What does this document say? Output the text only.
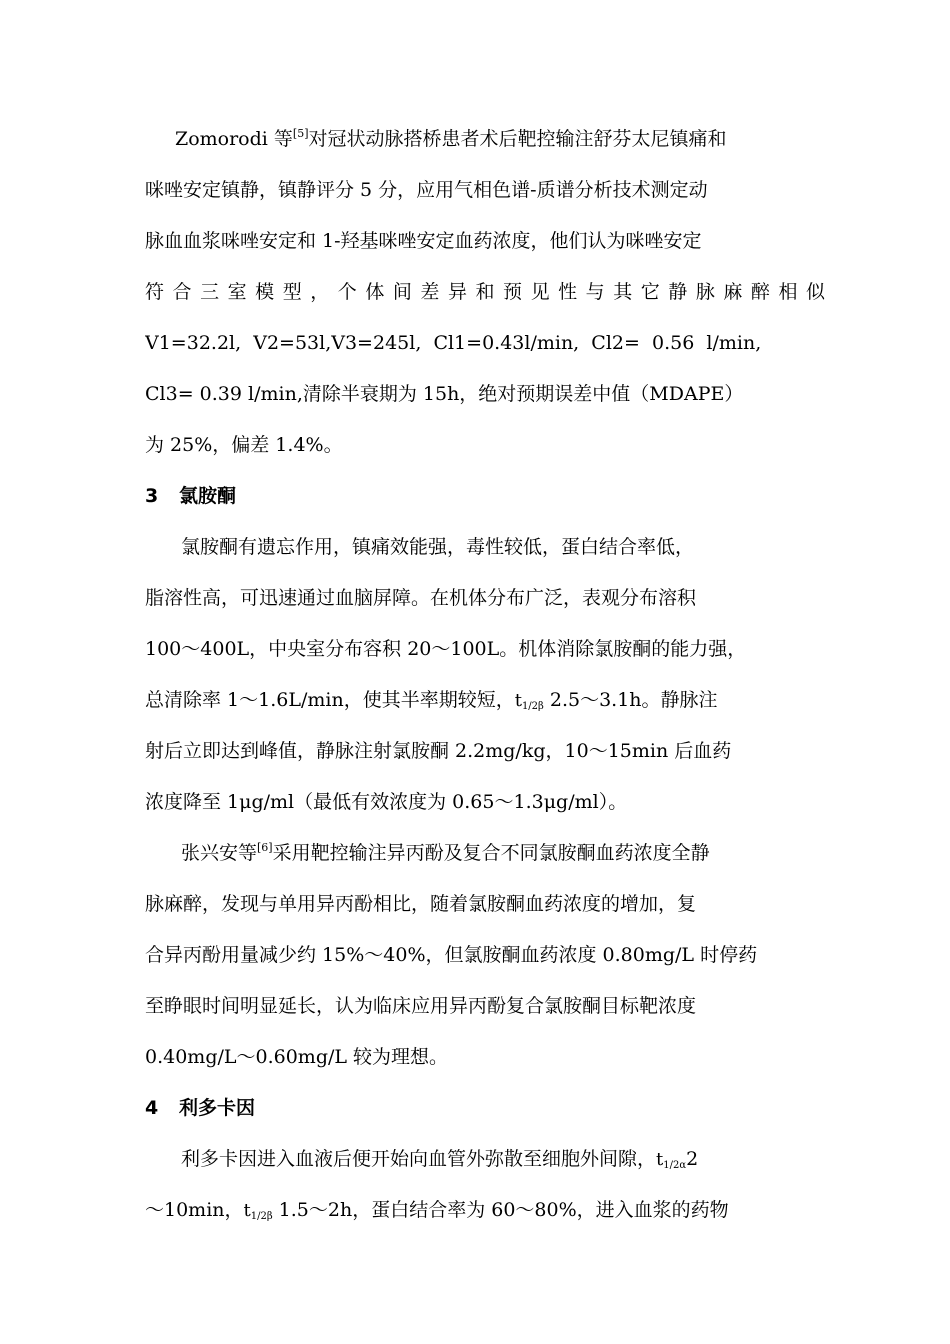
Zomorodi 等[5]对冠状动脉搭桥患者术后靶控输注舒芬太尼镇痛和
咪唑安定镇静，镇静评分 5 分，应用气相色谱-质谱分析技术测定动
脉血血浆咪唑安定和 1-羟基咪唑安定血药浓度，他们认为咪唑安定
符合三室模型，个体间差异和预见性与其它静脉麻醉相似
V1=32.2l,  V2=53l,V3=245l,  Cl1=0.43l/min,  Cl2=  0.56  l/min,
Cl3= 0.39 l/min,清除半衰期为 15h，绝对预期误差中值（MDAPE）
为 25%，偏差 1.4%。
3 氯胺酮
氯胺酮有遗忘作用，镇痛效能强，毒性较低，蛋白结合率低，
脂溶性高，可迅速通过血脑屏障。在机体分布广泛，表观分布溶积
100～400L，中央室分布容积 20～100L。机体消除氯胺酮的能力强，
总清除率 1～1.6L/min，使其半率期较短，$t_{1/2\beta}$ 2.5～3.1h。静脉注
射后立即达到峰值，静脉注射氯胺酮 2.2mg/kg，10～15min 后血药
浓度降至 1μg/ml（最低有效浓度为 0.65～1.3μg/ml）。
张兴安等[6]采用靶控输注异丙酚及复合不同氯胺酮血药浓度全静
脉麻醉，发现与单用异丙酚相比，随着氯胺酮血药浓度的增加，复
合异丙酚用量减少约 15%～40%，但氯胺酮血药浓度 0.80mg/L 时停药
至睁眼时间明显延长，认为临床应用异丙酚复合氯胺酮目标靶浓度
0.40mg/L～0.60mg/L 较为理想。
4 利多卡因
利多卡因进入血液后便开始向血管外弥散至细胞外间隙，$t_{1/2\alpha}2$
～10min，$t_{1/2\beta}$ 1.5～2h，蛋白结合率为 60～80%，进入血浆的药物
